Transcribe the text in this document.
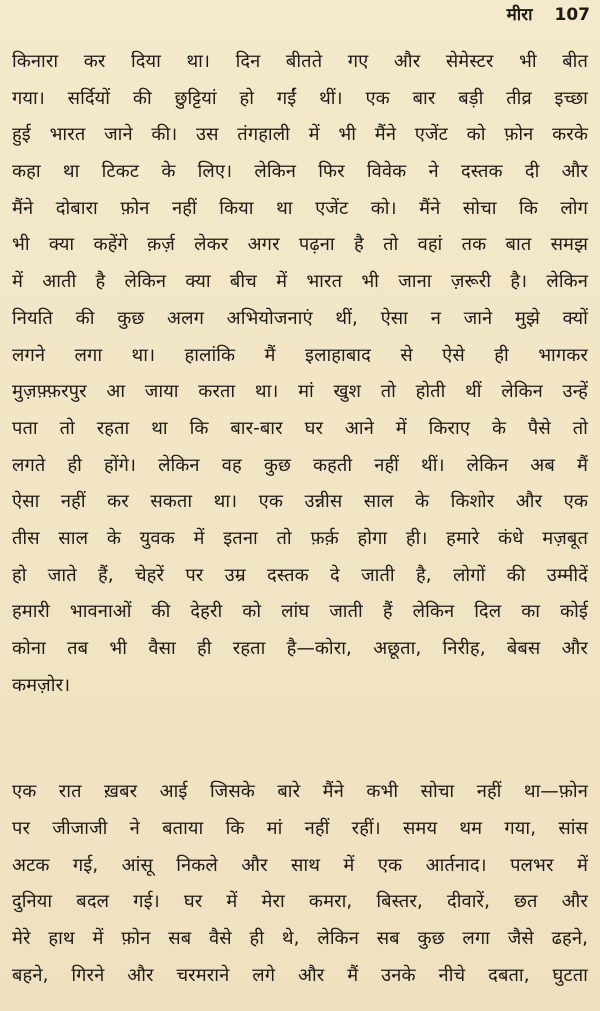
मीरा 107
किनारा कर दिया था। दिन बीतते गए और सेमेस्टर भी बीत
गया। सर्दियों की छुट्टियां हो गईं थीं। एक बार बड़ी तीव्र इच्छा
हुई भारत जाने की। उस तंगहाली में भी मैंने एजेंट को फ़ोन करके
कहा था टिकट के लिए। लेकिन फिर विवेक ने दस्तक दी और
मैंने दोबारा फ़ोन नहीं किया था एजेंट को। मैंने सोचा कि लोग
भी क्या कहेंगे क़र्ज़ लेकर अगर पढ़ना है तो वहां तक बात समझ
में आती है लेकिन क्या बीच में भारत भी जाना ज़रूरी है। लेकिन
नियति की कुछ अलग अभियोजनाएं थीं, ऐसा न जाने मुझे क्यों
लगने लगा था। हालांकि मैं इलाहाबाद से ऐसे ही भागकर
मुज़फ़्फ़रपुर आ जाया करता था। मां खुश तो होती थीं लेकिन उन्हें
पता तो रहता था कि बार-बार घर आने में किराए के पैसे तो
लगते ही होंगे। लेकिन वह कुछ कहती नहीं थीं। लेकिन अब मैं
ऐसा नहीं कर सकता था। एक उन्नीस साल के किशोर और एक
तीस साल के युवक में इतना तो फ़र्क़ होगा ही। हमारे कंधे मज़बूत
हो जाते हैं, चेहरें पर उम्र दस्तक दे जाती है, लोगों की उम्मीदें
हमारी भावनाओं की देहरी को लांघ जाती हैं लेकिन दिल का कोई
कोना तब भी वैसा ही रहता है—कोरा, अछूता, निरीह, बेबस और
कमज़ोर।
एक रात ख़बर आई जिसके बारे मैंने कभी सोचा नहीं था—फ़ोन
पर जीजाजी ने बताया कि मां नहीं रहीं। समय थम गया, सांस
अटक गई, आंसू निकले और साथ में एक आर्तनाद। पलभर में
दुनिया बदल गई। घर में मेरा कमरा, बिस्तर, दीवारें, छत और
मेरे हाथ में फ़ोन सब वैसे ही थे, लेकिन सब कुछ लगा जैसे ढहने,
बहने, गिरने और चरमराने लगे और मैं उनके नीचे दबता, घुटता
